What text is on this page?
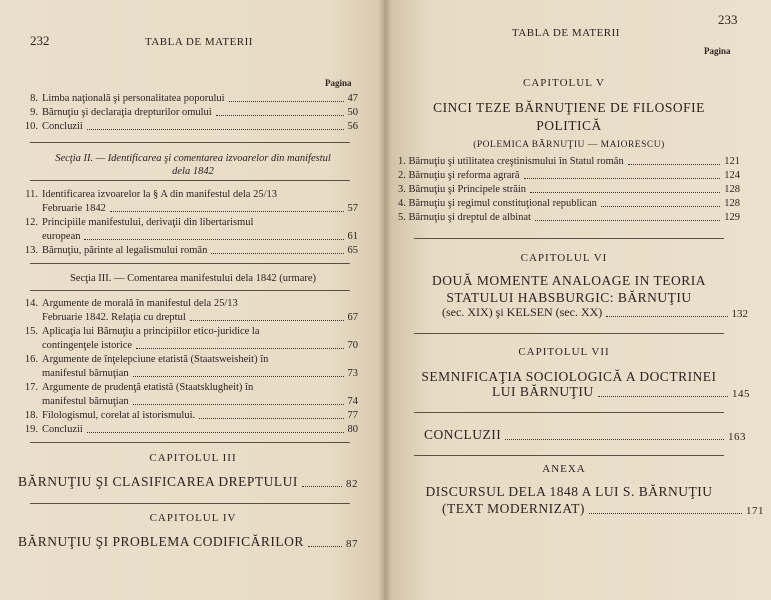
232	TABLA DE MATERII
Pagina
8. Limba naţională şi personalitatea poporului	47
9. Bărnuţiu şi declaraţia drepturilor omului	50
10. Concluzii	56
Secţia II. — Identificarea şi comentarea izvoarelor din manifestul
dela 1842
11. Identificarea izvoarelor la § A din manifestul dela 25/13
Februarie 1842	57
12. Principiile manifestului, derivaţii din libertarismul
european	61
13. Bărnuţiu, părinte al legalismului român	65
Secţia III. — Comentarea manifestului dela 1842 (urmare)
14. Argumente de morală în manifestul dela 25/13
Februarie 1842. Relaţia cu dreptul	67
15. Aplicaţia lui Bărnuţiu a principiilor etico-juridice la
contingenţele istorice	70
16. Argumente de înţelepciune etatistă (Staatsweisheit) în
manifestul bărnuţian	73
17. Argumente de prudenţă etatistă (Staatsklugheit) în
manifestul bărnuţian	74
18. Filologismul, corelat al istorismului.	77
19. Concluzii	80
CAPITOLUL III
BĂRNUŢIU ŞI CLASIFICAREA DREPTULUI	82
CAPITOLUL IV
BĂRNUŢIU ŞI PROBLEMA CODIFICĂRILOR	87
TABLA DE MATERII
233
Pagina
CAPITOLUL V
CINCI TEZE BĂRNUŢIENE DE FILOSOFIE
POLITICĂ
(POLEMICA BĂRNUŢIU — MAIORESCU)
1. Bărnuţiu şi utilitatea creştinismului în Statul român	121
2. Bărnuţiu şi reforma agrară	124
3. Bărnuţiu şi Principele străin	128
4. Bărnuţiu şi regimul constituţional republican	128
5. Bărnuţiu şi dreptul de albinat	129
CAPITOLUL VI
DOUĂ MOMENTE ANALOAGE IN TEORIA
STATULUI HABSBURGIC: BĂRNUŢIU
(sec. XIX) şi KELSEN (sec. XX)	132
CAPITOLUL VII
SEMNIFICAŢIA SOCIOLOGICĂ A DOCTRINEI
LUI BĂRNUŢIU	145
CONCLUZII	163
ANEXA
DISCURSUL DELA 1848 A LUI S. BĂRNUŢIU
(TEXT MODERNIZAT)	171
